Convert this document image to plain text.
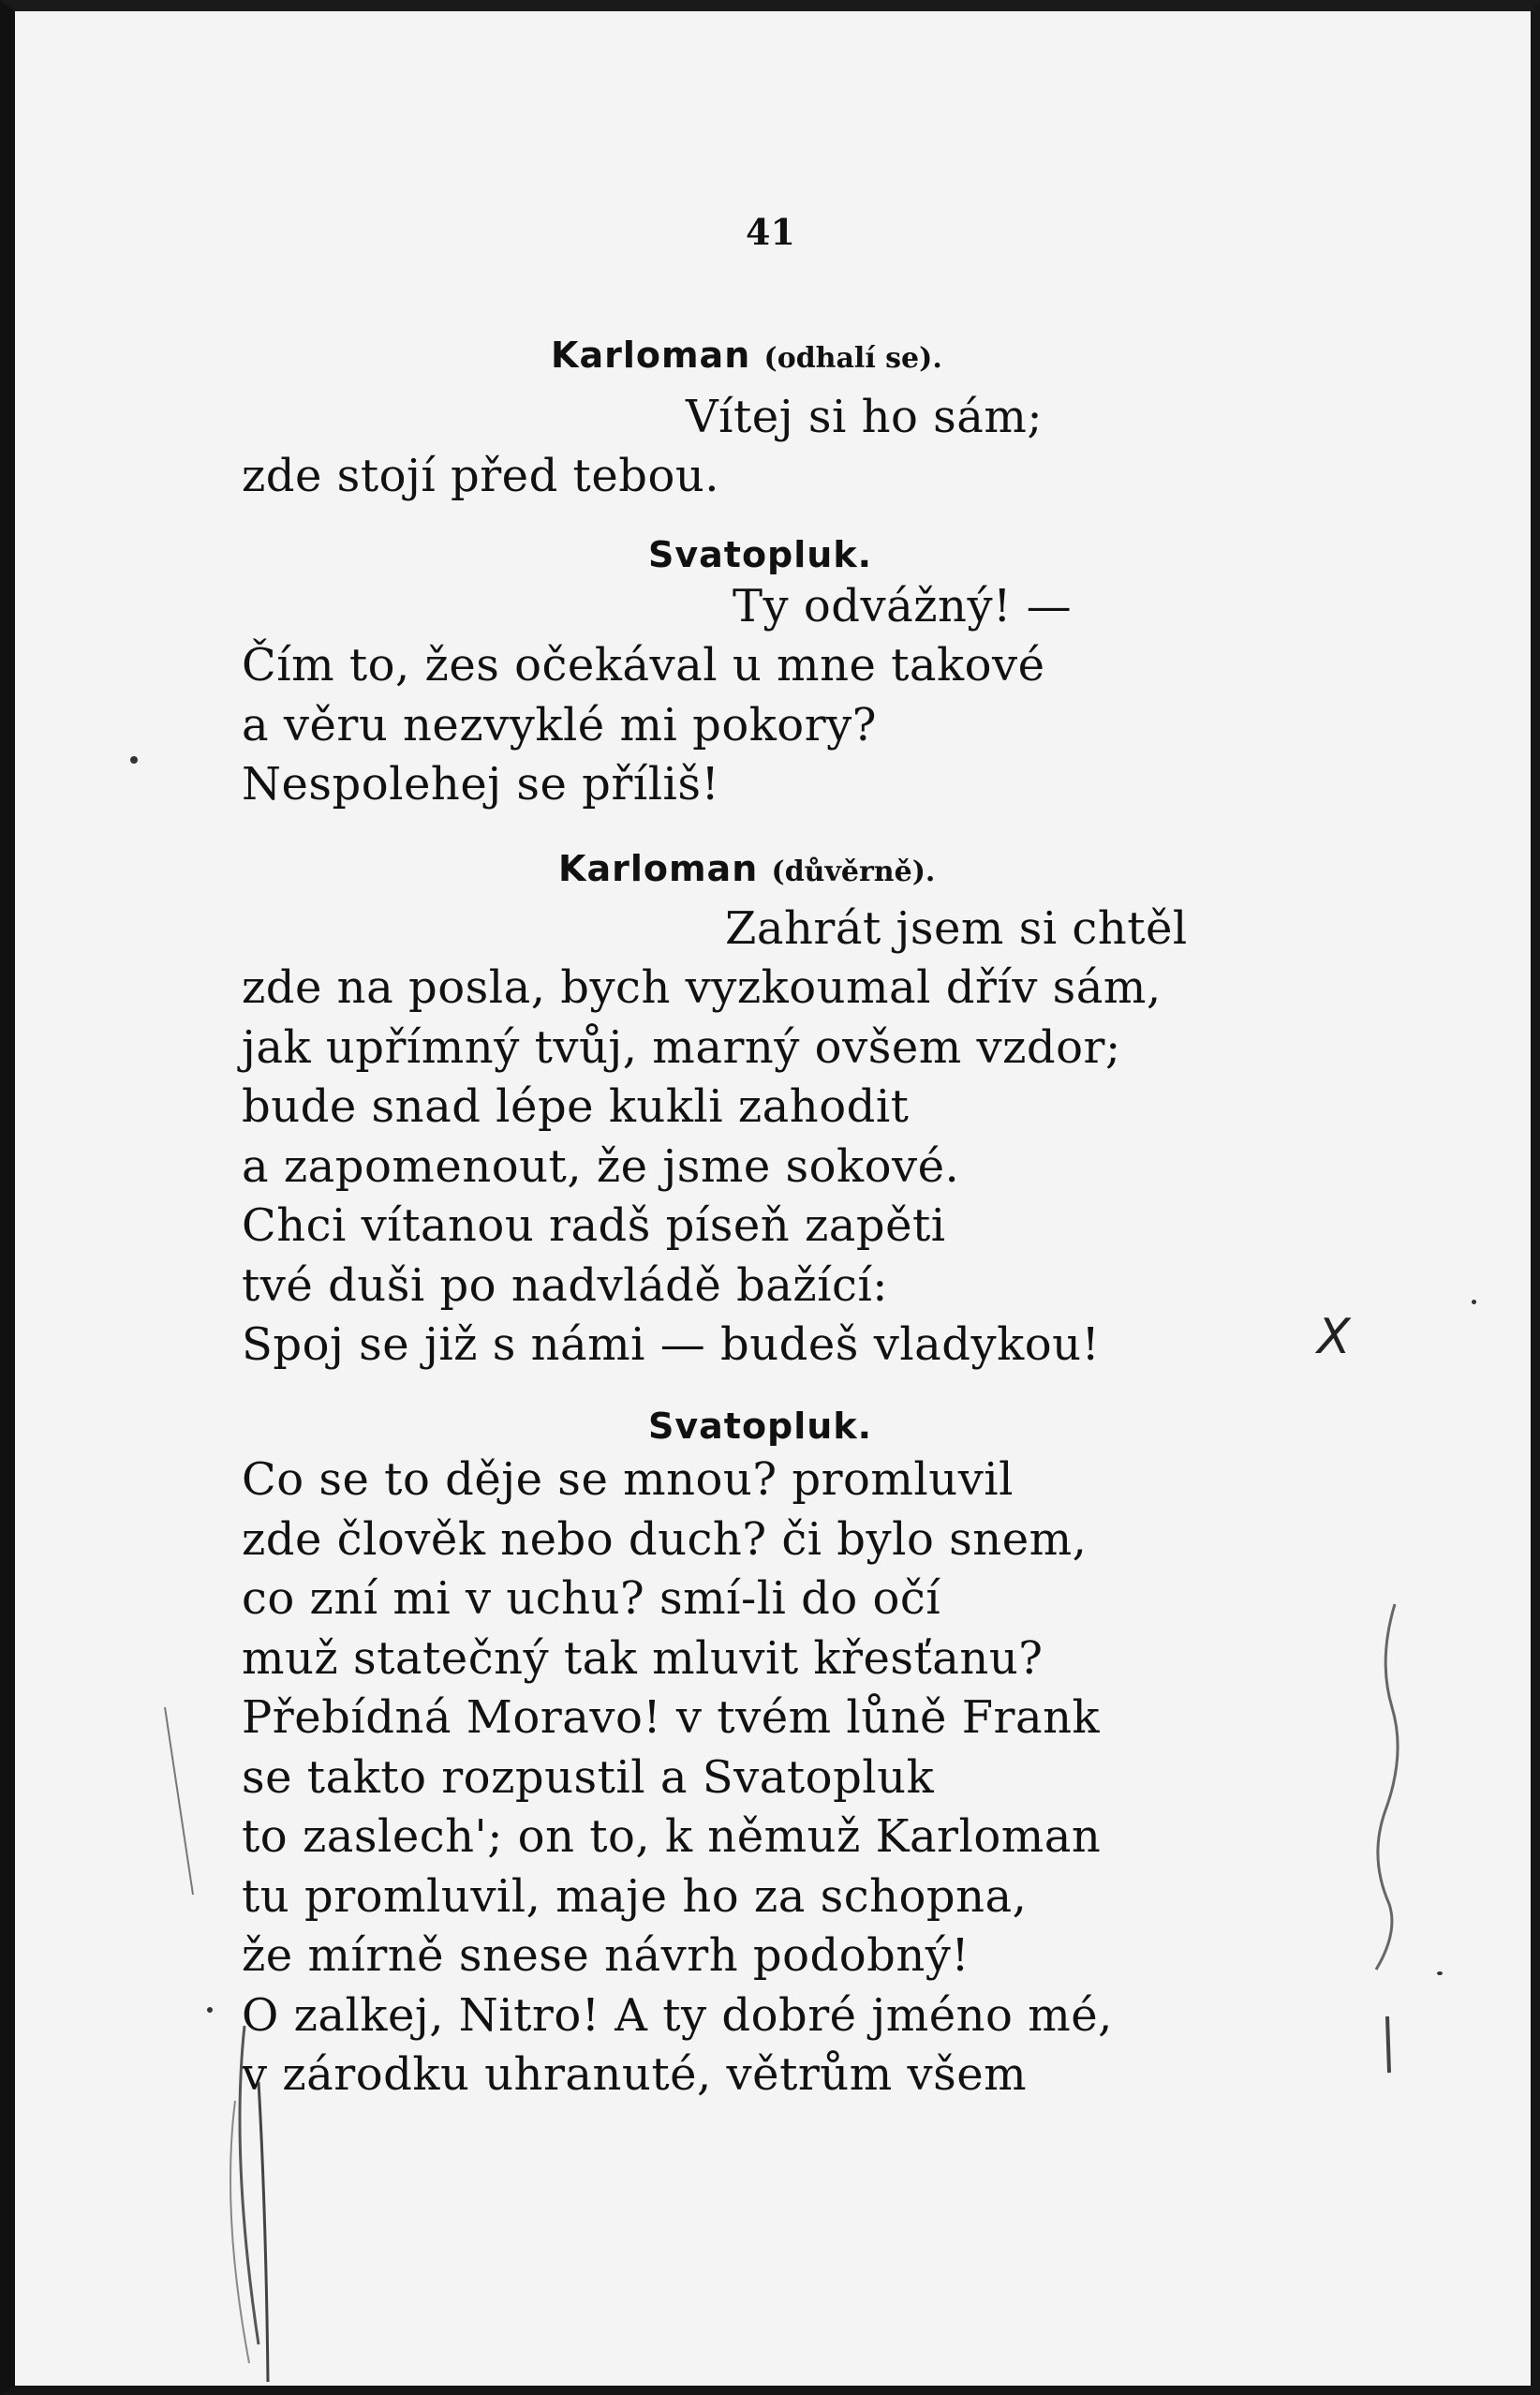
41
Karloman (odhalí se).
Vítej si ho sám;
zde stojí před tebou.
Svatopluk.
Ty odvážný! —
Čím to, žes očekával u mne takové
a věru nezvyklé mi pokory?
Nespolehej se příliš!
Karloman (důvěrně).
Zahrát jsem si chtěl
zde na posla, bych vyzkoumal dřív sám,
jak upřímný tvůj, marný ovšem vzdor;
bude snad lépe kukli zahodit
a zapomenout, že jsme sokové.
Chci vítanou radš píseň zapěti
tvé duši po nadvládě bažící:
Spoj se již s námi — budeš vladykou!
Svatopluk.
Co se to děje se mnou? promluvil
zde člověk nebo duch? či bylo snem,
co zní mi v uchu? smí-li do očí
muž statečný tak mluvit křesťanu?
Přebídná Moravo! v tvém lůně Frank
se takto rozpustil a Svatopluk
to zaslech'; on to, k němuž Karloman
tu promluvil, maje ho za schopna,
že mírně snese návrh podobný!
O zalkej, Nitro! A ty dobré jméno mé,
v zárodku uhranuté, větrům všem
X
